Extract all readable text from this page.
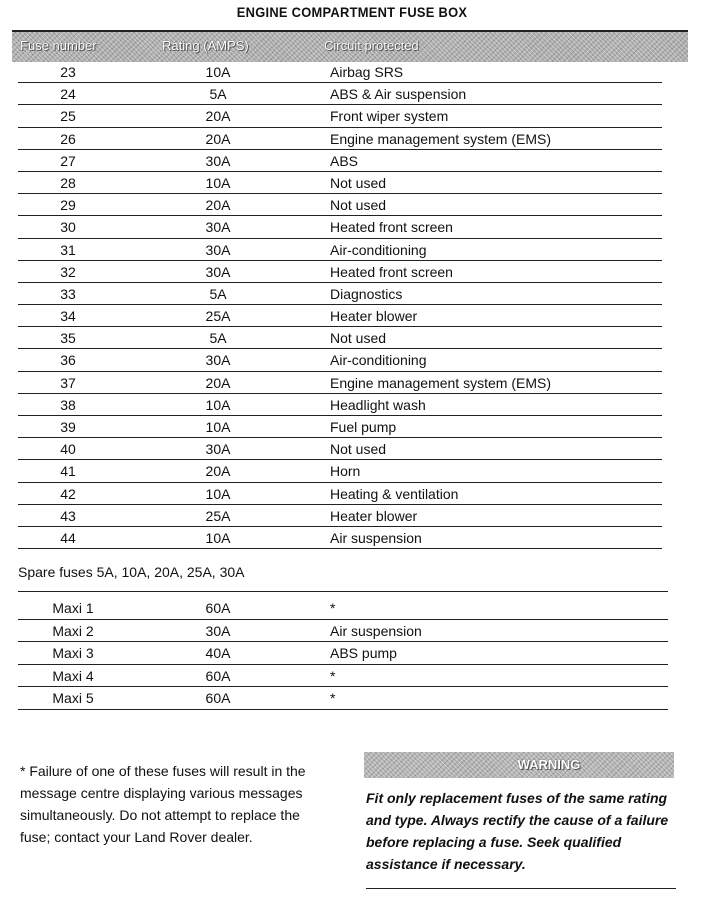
ENGINE COMPARTMENT FUSE BOX
Fuse number	Rating (AMPS)	Circuit protected
23	10A	Airbag SRS
24	5A	ABS & Air suspension
25	20A	Front wiper system
26	20A	Engine management system (EMS)
27	30A	ABS
28	10A	Not used
29	20A	Not used
30	30A	Heated front screen
31	30A	Air-conditioning
32	30A	Heated front screen
33	5A	Diagnostics
34	25A	Heater blower
35	5A	Not used
36	30A	Air-conditioning
37	20A	Engine management system (EMS)
38	10A	Headlight wash
39	10A	Fuel pump
40	30A	Not used
41	20A	Horn
42	10A	Heating & ventilation
43	25A	Heater blower
44	10A	Air suspension
Spare fuses 5A, 10A, 20A, 25A, 30A
Maxi 1	60A	*
Maxi 2	30A	Air suspension
Maxi 3	40A	ABS pump
Maxi 4	60A	*
Maxi 5	60A	*
* Failure of one of these fuses will result in the message centre displaying various messages simultaneously. Do not attempt to replace the fuse; contact your Land Rover dealer.
WARNING
Fit only replacement fuses of the same rating and type. Always rectify the cause of a failure before replacing a fuse. Seek qualified assistance if necessary.
